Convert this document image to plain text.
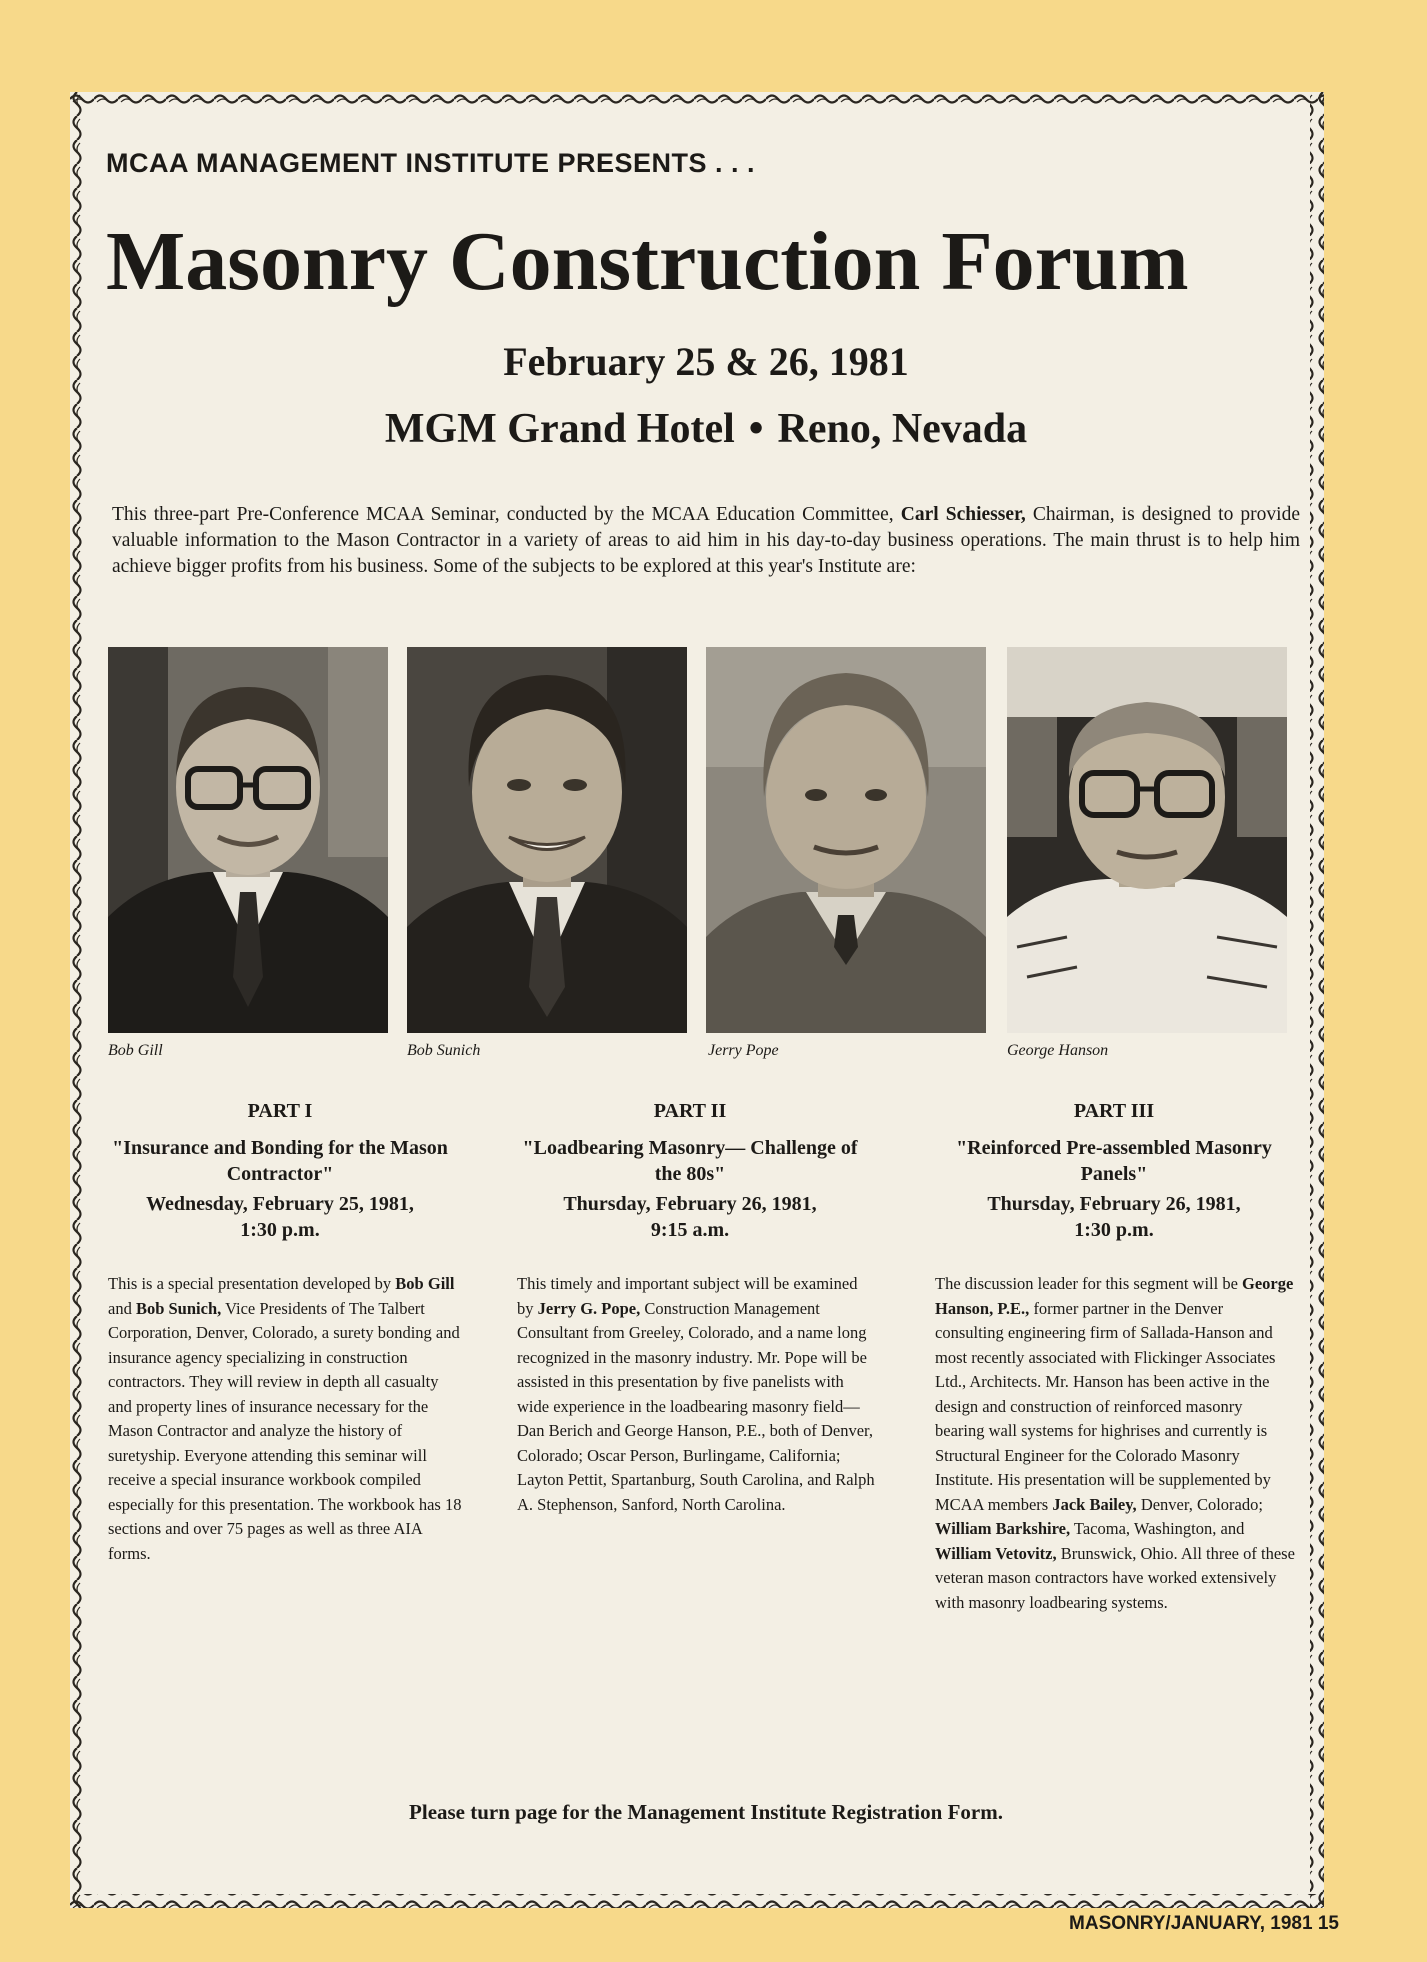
MCAA MANAGEMENT INSTITUTE PRESENTS . . .
Masonry Construction Forum
February 25 & 26, 1981
MGM Grand Hotel • Reno, Nevada
This three-part Pre-Conference MCAA Seminar, conducted by the MCAA Education Committee, Carl Schiesser, Chairman, is designed to provide valuable information to the Mason Contractor in a variety of areas to aid him in his day-to-day business operations. The main thrust is to help him achieve bigger profits from his business. Some of the subjects to be explored at this year's Institute are:
Bob Gill	Bob Sunich	Jerry Pope	George Hanson
PART I
"Insurance and Bonding for the Mason Contractor"
Wednesday, February 25, 1981,
1:30 p.m.
PART II
"Loadbearing Masonry— Challenge of the 80s"
Thursday, February 26, 1981,
9:15 a.m.
PART III
"Reinforced Pre-assembled Masonry Panels"
Thursday, February 26, 1981,
1:30 p.m.
This is a special presentation developed by Bob Gill and Bob Sunich, Vice Presidents of The Talbert Corporation, Denver, Colorado, a surety bonding and insurance agency specializing in construction contractors. They will review in depth all casualty and property lines of insurance necessary for the Mason Contractor and analyze the history of suretyship. Everyone attending this seminar will receive a special insurance workbook compiled especially for this presentation. The workbook has 18 sections and over 75 pages as well as three AIA forms.
This timely and important subject will be examined by Jerry G. Pope, Construction Management Consultant from Greeley, Colorado, and a name long recognized in the masonry industry. Mr. Pope will be assisted in this presentation by five panelists with wide experience in the loadbearing masonry field—Dan Berich and George Hanson, P.E., both of Denver, Colorado; Oscar Person, Burlingame, California; Layton Pettit, Spartanburg, South Carolina, and Ralph A. Stephenson, Sanford, North Carolina.
The discussion leader for this segment will be George Hanson, P.E., former partner in the Denver consulting engineering firm of Sallada-Hanson and most recently associated with Flickinger Associates Ltd., Architects. Mr. Hanson has been active in the design and construction of reinforced masonry bearing wall systems for highrises and currently is Structural Engineer for the Colorado Masonry Institute. His presentation will be supplemented by MCAA members Jack Bailey, Denver, Colorado; William Barkshire, Tacoma, Washington, and William Vetovitz, Brunswick, Ohio. All three of these veteran mason contractors have worked extensively with masonry loadbearing systems.
Please turn page for the Management Institute Registration Form.
MASONRY/JANUARY, 1981 15
